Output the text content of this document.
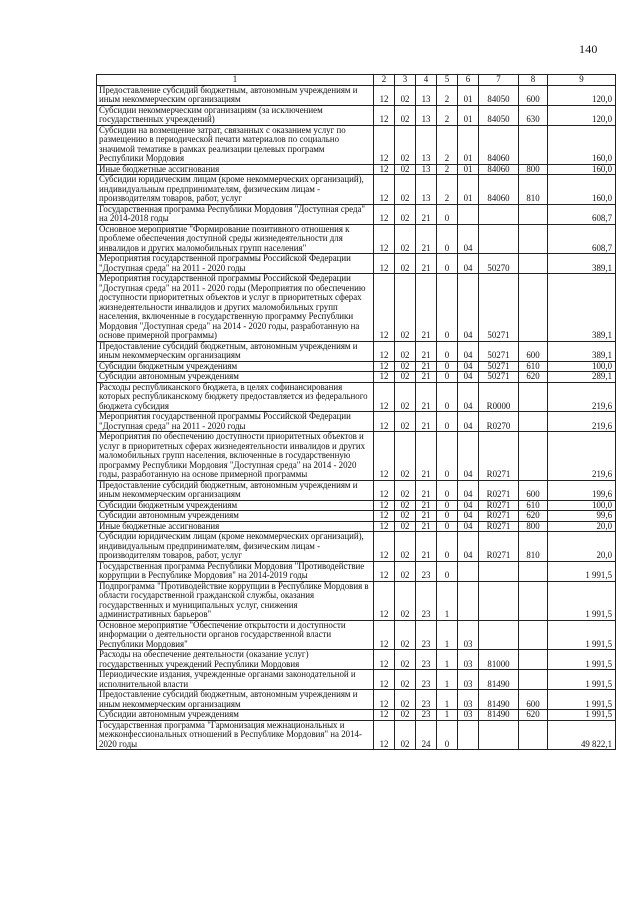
140
1	2	3	4	5	6	7	8	9
Предоставление субсидий бюджетным, автономным учреждениям и иным некоммерческим организациям	12	02	13	2	01	84050	600	120,0
Субсидии некоммерческим организациям (за исключением государственных учреждений)	12	02	13	2	01	84050	630	120,0
Субсидии на возмещение затрат, связанных с оказанием услуг по размещению в периодической печати материалов по социально значимой тематике в рамках реализации целевых программ Республики Мордовия	12	02	13	2	01	84060		160,0
Иные бюджетные ассигнования	12	02	13	2	01	84060	800	160,0
Субсидии юридическим лицам (кроме некоммерческих организаций), индивидуальным предпринимателям, физическим лицам - производителям товаров, работ, услуг	12	02	13	2	01	84060	810	160,0
Государственная программа Республики Мордовия "Доступная среда" на 2014-2018 годы	12	02	21	0				608,7
Основное мероприятие "Формирование позитивного отношения к проблеме обеспечения доступной среды жизнедеятельности для инвалидов и других маломобильных групп населения"	12	02	21	0	04			608,7
Мероприятия государственной программы Российской Федерации "Доступная среда" на 2011 - 2020 годы	12	02	21	0	04	50270		389,1
Мероприятия государственной программы Российской Федерации "Доступная среда" на 2011 - 2020 годы (Мероприятия по обеспечению доступности приоритетных объектов и услуг в приоритетных сферах жизнедеятельности инвалидов и других маломобильных групп населения, включенные в государственную программу Республики Мордовия "Доступная среда" на 2014 - 2020 годы, разработанную на основе примерной программы)	12	02	21	0	04	50271		389,1
Предоставление субсидий бюджетным, автономным учреждениям и иным некоммерческим организациям	12	02	21	0	04	50271	600	389,1
Субсидии бюджетным учреждениям	12	02	21	0	04	50271	610	100,0
Субсидии автономным учреждениям	12	02	21	0	04	50271	620	289,1
Расходы республиканского бюджета, в целях софинансирования которых республиканскому бюджету предоставляется из федерального бюджета субсидия	12	02	21	0	04	R0000		219,6
Мероприятия государственной программы Российской Федерации "Доступная среда" на 2011 - 2020 годы	12	02	21	0	04	R0270		219,6
Мероприятия по обеспечению доступности приоритетных объектов и услуг в приоритетных сферах жизнедеятельности инвалидов и других маломобильных групп населения, включенные в государственную программу Республики Мордовия "Доступная среда" на 2014 - 2020 годы, разработанную на основе примерной программы	12	02	21	0	04	R0271		219,6
Предоставление субсидий бюджетным, автономным учреждениям и иным некоммерческим организациям	12	02	21	0	04	R0271	600	199,6
Субсидии бюджетным учреждениям	12	02	21	0	04	R0271	610	100,0
Субсидии автономным учреждениям	12	02	21	0	04	R0271	620	99,6
Иные бюджетные ассигнования	12	02	21	0	04	R0271	800	20,0
Субсидии юридическим лицам (кроме некоммерческих организаций), индивидуальным предпринимателям, физическим лицам - производителям товаров, работ, услуг	12	02	21	0	04	R0271	810	20,0
Государственная программа Республики Мордовия "Противодействие коррупции в Республике Мордовия" на 2014-2019 годы	12	02	23	0				1 991,5
Подпрограмма "Противодействие коррупции в Республике Мордовия в области государственной гражданской службы, оказания государственных и муниципальных услуг, снижения административных барьеров"	12	02	23	1				1 991,5
Основное мероприятие "Обеспечение открытости и доступности информации о деятельности органов государственной власти Республики Мордовия"	12	02	23	1	03			1 991,5
Расходы на обеспечение деятельности (оказание услуг) государственных учреждений Республики Мордовия	12	02	23	1	03	81000		1 991,5
Периодические издания, учрежденные органами законодательной и исполнительной власти	12	02	23	1	03	81490		1 991,5
Предоставление субсидий бюджетным, автономным учреждениям и иным некоммерческим организациям	12	02	23	1	03	81490	600	1 991,5
Субсидии автономным учреждениям	12	02	23	1	03	81490	620	1 991,5
Государственная программа "Гармонизация межнациональных и межконфессиональных отношений в Республике Мордовия" на 2014-2020 годы	12	02	24	0				49 822,1
